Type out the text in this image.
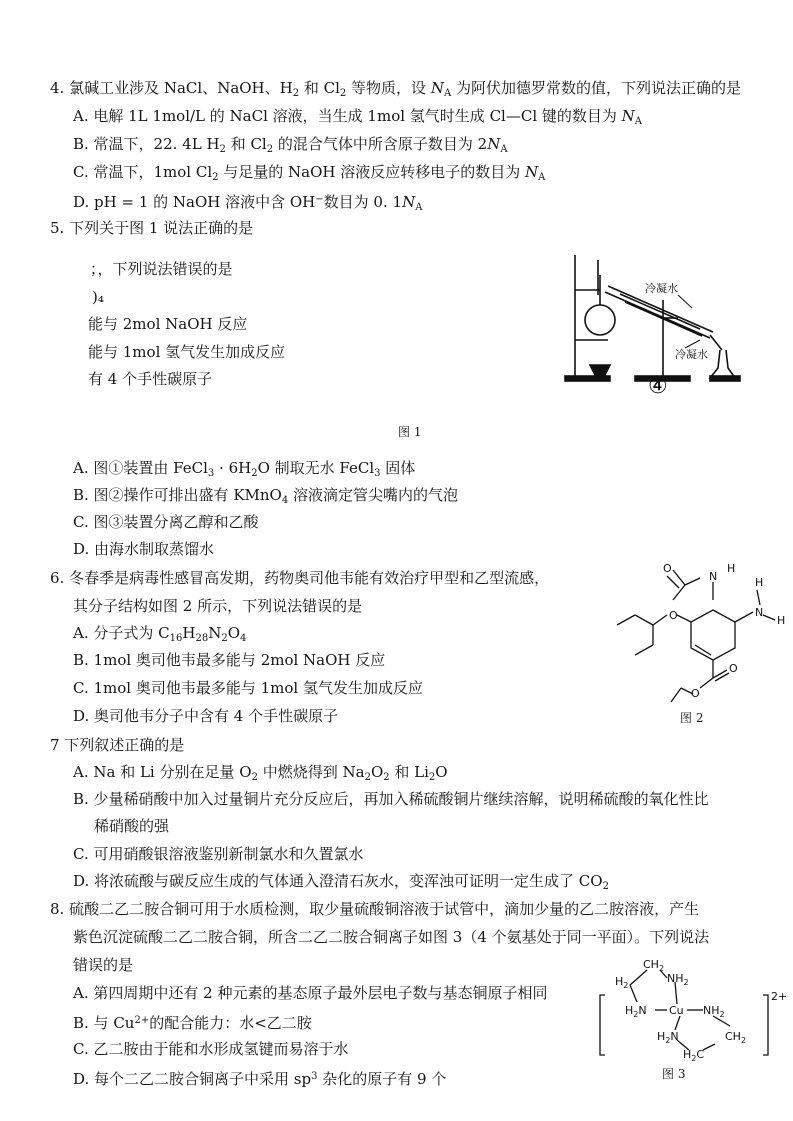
4. 氯碱工业涉及 NaCl、NaOH、$H_2$ 和 $Cl_2$ 等物质，设 $N_A$ 为阿伏加德罗常数的值，下列说法正确的是
A. 电解 1L 1mol/L 的 NaCl 溶液，当生成 1mol 氢气时生成 Cl—Cl 键的数目为 $N_A$
B. 常温下，22. 4L $H_2$ 和 $Cl_2$ 的混合气体中所含原子数目为 $2N_A$
C. 常温下，1mol $Cl_2$ 与足量的 NaOH 溶液反应转移电子的数目为 $N_A$
D. pH = 1 的 NaOH 溶液中含 OH−数目为 0. $1N_A$
5. 下列关于图 1 说法正确的是
；，下列说法错误的是
)₄
能与 2mol NaOH 反应
能与 1mol 氢气发生加成反应
有 4 个手性碳原子
冷凝水
冷凝水
④
图 1
A. 图①装置由 FeCl$_3$ · $6H_2O$ 制取无水 FeCl$_3$ 固体
B. 图②操作可排出盛有 KMnO$_4$ 溶液滴定管尖嘴内的气泡
C. 图③装置分离乙醇和乙酸
D. 由海水制取蒸馏水
6. 冬春季是病毒性感冒高发期，药物奥司他韦能有效治疗甲型和乙型流感，
其分子结构如图 2 所示，下列说法错误的是
A. 分子式为 $C_{16}H_{28}N_2O_4$
B. 1mol 奥司他韦最多能与 2mol NaOH 反应
C. 1mol 奥司他韦最多能与 1mol 氢气发生加成反应
D. 奥司他韦分子中含有 4 个手性碳原子
O
N
H
H
N
H
O
O
O
图 2
7 下列叙述正确的是
A. Na 和 Li 分别在足量 $O_2$ 中燃烧得到 $Na_2O_2$ 和 $Li_2O$
B. 少量稀硝酸中加入过量铜片充分反应后，再加入稀硫酸铜片继续溶解，说明稀硫酸的氧化性比
稀硝酸的强
C. 可用硝酸银溶液鉴别新制氯水和久置氯水
D. 将浓硫酸与碳反应生成的气体通入澄清石灰水，变浑浊可证明一定生成了 $CO_2$
8. 硫酸二乙二胺合铜可用于水质检测，取少量硫酸铜溶液于试管中，滴加少量的乙二胺溶液，产生
紫色沉淀硫酸二乙二胺合铜，所含二乙二胺合铜离子如图 3（4 个氨基处于同一平面）。下列说法
错误的是
A. 第四周期中还有 2 种元素的基态原子最外层电子数与基态铜原子相同
B. 与 $Cu^{2+}$的配合能力：水<乙二胺
C. 乙二胺由于能和水形成氢键而易溶于水
D. 每个二乙二胺合铜离子中采用 $sp^3$ 杂化的原子有 9 个
$H_2$
$CH_2$
$NH_2$
$H_2N$ Cu $NH_2$
$H_2N$	$CH_2$
$H_2C$
2+
图 3
